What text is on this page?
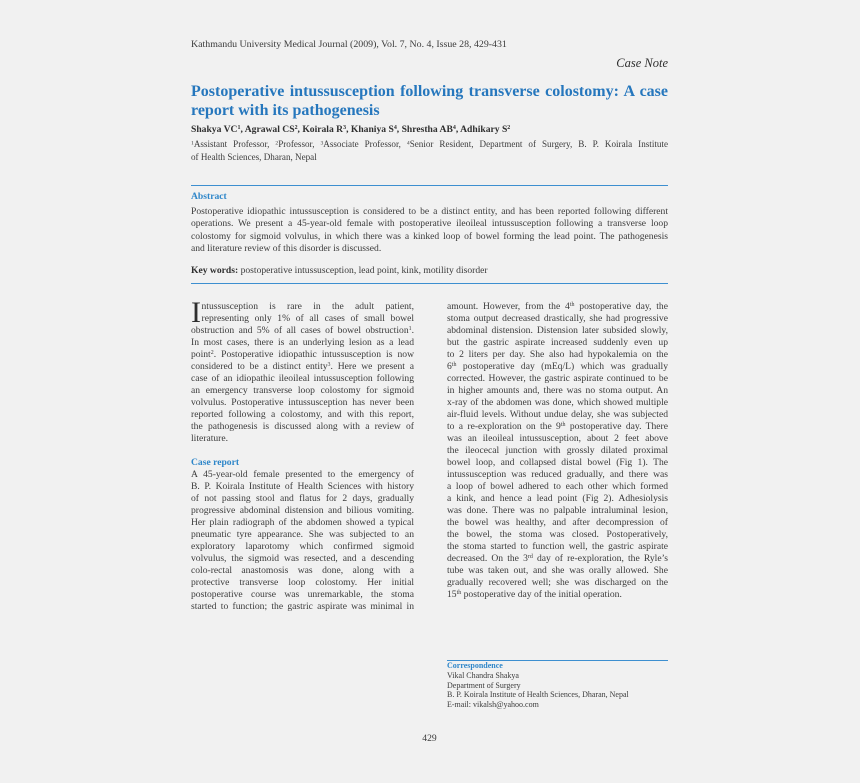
Kathmandu University Medical Journal (2009), Vol. 7, No. 4, Issue 28, 429-431
Case Note
Postoperative intussusception following transverse colostomy: A case
report with its pathogenesis
Shakya $VC^1$, Agrawal $CS^2$, Koirala $R^3$, Khaniya $S^4$, Shrestha $AB^4$, Adhikary $S^2$
$^1$Assistant Professor, $^2$Professor, $^3$Associate Professor, $^4$Senior Resident, Department of Surgery, B. P. Koirala Institute
of Health Sciences, Dharan, Nepal
Abstract
Postoperative idiopathic intussusception is considered to be a distinct entity, and has been reported following different
operations. We present a 45-year-old female with postoperative ileoileal intussusception following a transverse loop
colostomy for sigmoid volvulus, in which there was a kinked loop of bowel forming the lead point. The pathogenesis
and literature review of this disorder is discussed.
Key words: postoperative intussusception, lead point, kink, motility disorder
I ntussusception is rare in the adult patient,
representing only 1% of all cases of small bowel
obstruction and 5% of all cases of bowel obstruction$^1$.
In most cases, there is an underlying lesion as a lead
point$^2$. Postoperative idiopathic intussusception is now
considered to be a distinct entity$^3$. Here we present a
case of an idiopathic ileoileal intussusception following
an emergency transverse loop colostomy for sigmoid
volvulus. Postoperative intussusception has never been
reported following a colostomy, and with this report,
the pathogenesis is discussed along with a review of
literature.
Case report
A 45-year-old female presented to the emergency of
B. P. Koirala Institute of Health Sciences with history
of not passing stool and flatus for 2 days, gradually
progressive abdominal distension and bilious vomiting.
Her plain radiograph of the abdomen showed a typical
pneumatic tyre appearance. She was subjected to an
exploratory laparotomy which confirmed sigmoid
volvulus, the sigmoid was resected, and a descending
colo-rectal anastomosis was done, along with a
protective transverse loop colostomy. Her initial
postoperative course was unremarkable, the stoma
started to function; the gastric aspirate was minimal in
amount. However, from the 4th postoperative day, the
stoma output decreased drastically, she had progressive
abdominal distension. Distension later subsided slowly,
but the gastric aspirate increased suddenly even up
to 2 liters per day. She also had hypokalemia on the
6th postoperative day (mEq/L) which was gradually
corrected. However, the gastric aspirate continued to be
in higher amounts and, there was no stoma output. An
x-ray of the abdomen was done, which showed multiple
air-fluid levels. Without undue delay, she was subjected
to a re-exploration on the 9th postoperative day. There
was an ileoileal intussusception, about 2 feet above
the ileocecal junction with grossly dilated proximal
bowel loop, and collapsed distal bowel (Fig 1). The
intussusception was reduced gradually, and there was
a loop of bowel adhered to each other which formed
a kink, and hence a lead point (Fig 2). Adhesiolysis
was done. There was no palpable intraluminal lesion,
the bowel was healthy, and after decompression of
the bowel, the stoma was closed. Postoperatively,
the stoma started to function well, the gastric aspirate
decreased. On the 3rd day of re-exploration, the Ryle’s
tube was taken out, and she was orally allowed. She
gradually recovered well; she was discharged on the
15th postoperative day of the initial operation.
Correspondence
Vikal Chandra Shakya
Department of Surgery
B. P. Koirala Institute of Health Sciences, Dharan, Nepal
E-mail: vikalsh@yahoo.com
429
